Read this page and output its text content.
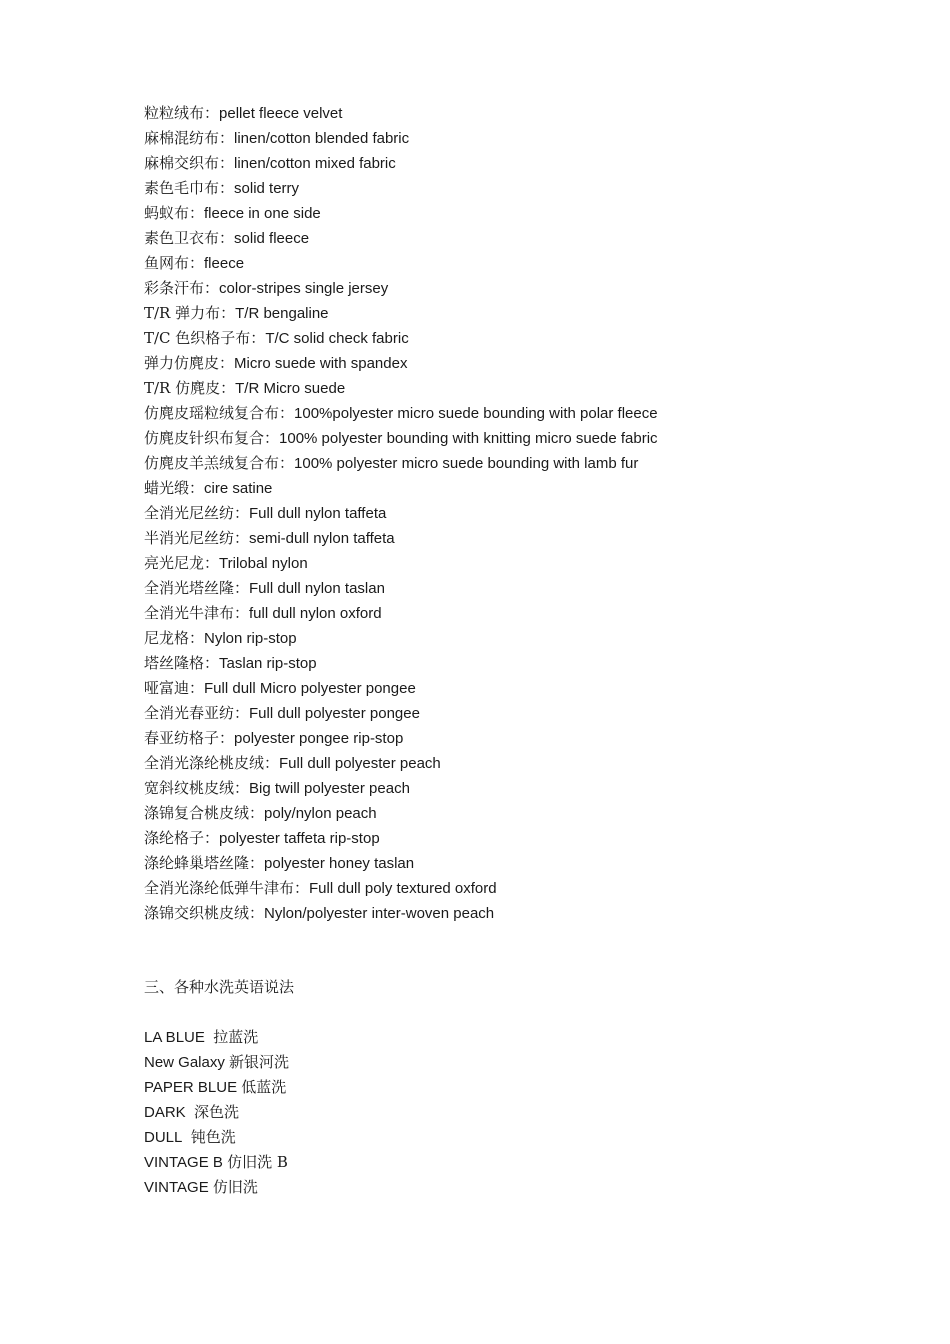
粒粒绒布：pellet fleece velvet
麻棉混纺布：linen/cotton blended fabric
麻棉交织布：linen/cotton mixed fabric
素色毛巾布：solid terry
蚂蚁布：fleece in one side
素色卫衣布：solid fleece
鱼网布：fleece
彩条汗布：color-stripes single jersey
T/R 弹力布：T/R bengaline
T/C 色织格子布：T/C solid check fabric
弹力仿麂皮：Micro suede with spandex
T/R 仿麂皮：T/R Micro suede
仿麂皮瑶粒绒复合布：100%polyester micro suede bounding with polar fleece
仿麂皮针织布复合：100% polyester bounding with knitting micro suede fabric
仿麂皮羊羔绒复合布：100% polyester micro suede bounding with lamb fur
蜡光缎：cire satine
全消光尼丝纺：Full dull nylon taffeta
半消光尼丝纺：semi-dull nylon taffeta
亮光尼龙：Trilobal nylon
全消光塔丝隆：Full dull nylon taslan
全消光牛津布：full dull nylon oxford
尼龙格：Nylon rip-stop
塔丝隆格：Taslan rip-stop
哑富迪：Full dull Micro polyester pongee
全消光春亚纺：Full dull polyester pongee
春亚纺格子：polyester pongee rip-stop
全消光涤纶桃皮绒：Full dull polyester peach
宽斜纹桃皮绒：Big twill polyester peach
涤锦复合桃皮绒：poly/nylon peach
涤纶格子：polyester taffeta rip-stop
涤纶蜂巢塔丝隆：polyester honey taslan
全消光涤纶低弹牛津布：Full dull poly textured oxford
涤锦交织桃皮绒：Nylon/polyester inter-woven peach
三、各种水洗英语说法
LA BLUE 拉蓝洗
New Galaxy 新银河洗
PAPER BLUE 低蓝洗
DARK 深色洗
DULL 钝色洗
VINTAGE B 仿旧洗 B
VINTAGE 仿旧洗
